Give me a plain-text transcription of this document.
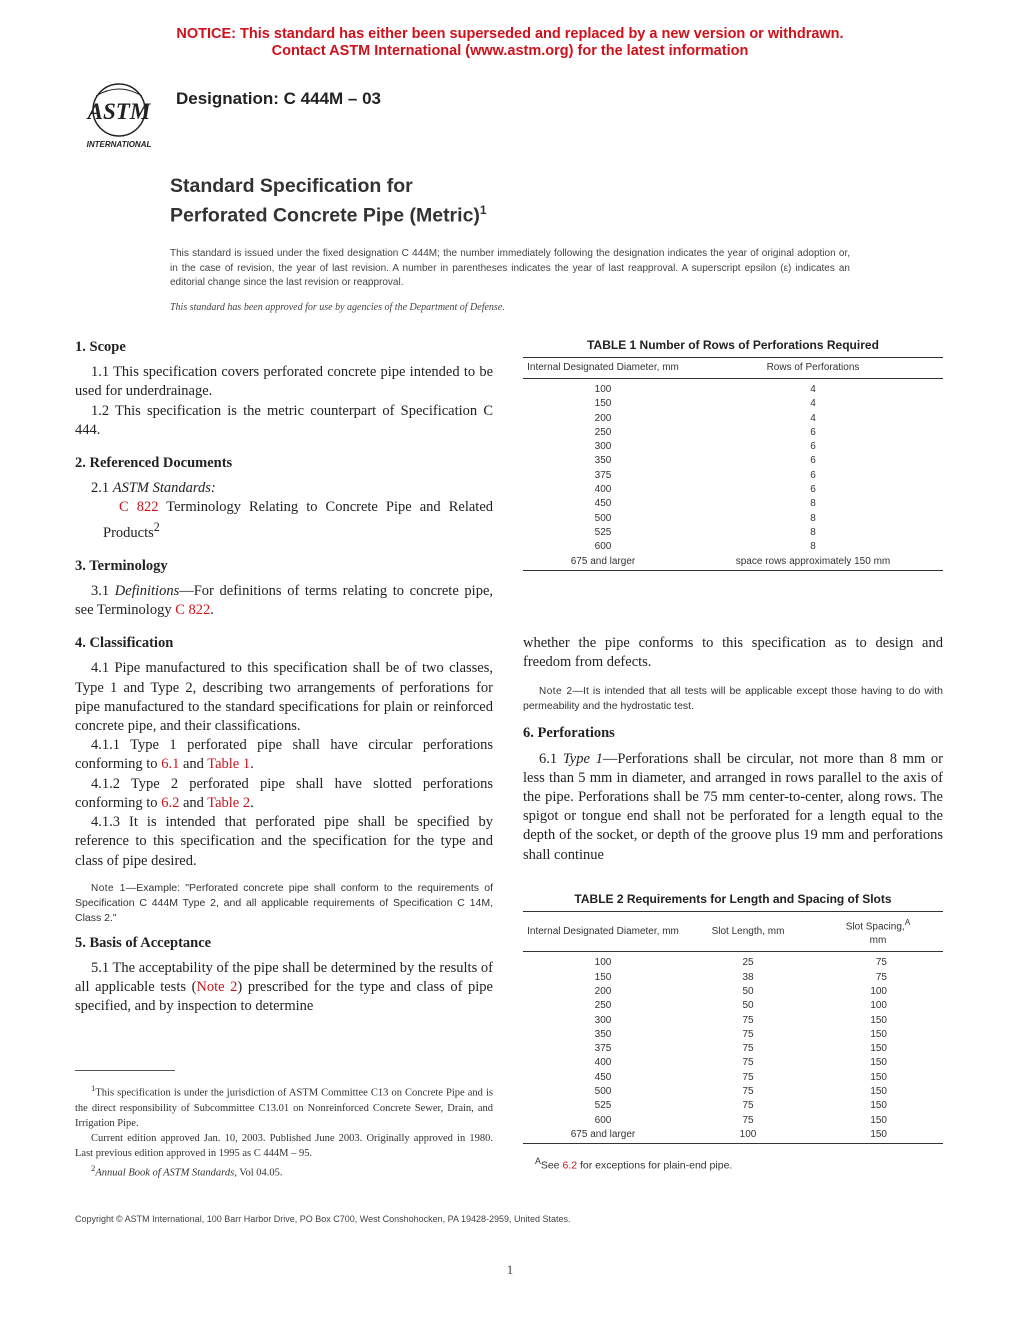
NOTICE: This standard has either been superseded and replaced by a new version or withdrawn.
Contact ASTM International (www.astm.org) for the latest information
ASTM
INTERNATIONAL
Designation: C 444M – 03
Standard Specification for
Perforated Concrete Pipe (Metric)$^1$
This standard is issued under the fixed designation C 444M; the number immediately following the designation indicates the year of original adoption or, in the case of revision, the year of last revision. A number in parentheses indicates the year of last reapproval. A superscript epsilon (ε) indicates an editorial change since the last revision or reapproval.
This standard has been approved for use by agencies of the Department of Defense.
1. Scope

1.1 This specification covers perforated concrete pipe intended to be used for underdrainage.

1.2 This specification is the metric counterpart of Specification C 444.

2. Referenced Documents

2.1 ASTM Standards:

C 822 Terminology Relating to Concrete Pipe and Related Products$^2$

3. Terminology

3.1 Definitions—For definitions of terms relating to concrete pipe, see Terminology C 822.

4. Classification

4.1 Pipe manufactured to this specification shall be of two classes, Type 1 and Type 2, describing two arrangements of perforations for pipe manufactured to the standard specifications for plain or reinforced concrete pipe, and their classifications.

4.1.1 Type 1 perforated pipe shall have circular perforations conforming to 6.1 and Table 1.

4.1.2 Type 2 perforated pipe shall have slotted perforations conforming to 6.2 and Table 2.

4.1.3 It is intended that perforated pipe shall be specified by reference to this specification and the specification for the type and class of pipe desired.

Note 1—Example: "Perforated concrete pipe shall conform to the requirements of Specification C 444M Type 2, and all applicable requirements of Specification C 14M, Class 2."

5. Basis of Acceptance

5.1 The acceptability of the pipe shall be determined by the results of all applicable tests (Note 2) prescribed for the type and class of pipe specified, and by inspection to determine

$^1$This specification is under the jurisdiction of ASTM Committee C13 on Concrete Pipe and is the direct responsibility of Subcommittee C13.01 on Nonreinforced Concrete Sewer, Drain, and Irrigation Pipe.

Current edition approved Jan. 10, 2003. Published June 2003. Originally approved in 1980. Last previous edition approved in 1995 as C 444M – 95.

$^2$Annual Book of ASTM Standards, Vol 04.05.

TABLE 1 Number of Rows of Perforations Required
Internal Designated Diameter, mm	Rows of Perforations
100	4
150	4
200	4
250	6
300	6
350	6
375	6
400	6
450	8
500	8
525	8
600	8
675 and larger	space rows approximately 150 mm

whether the pipe conforms to this specification as to design and freedom from defects.

Note 2—It is intended that all tests will be applicable except those having to do with permeability and the hydrostatic test.

6. Perforations

6.1 Type 1—Perforations shall be circular, not more than 8 mm or less than 5 mm in diameter, and arranged in rows parallel to the axis of the pipe. Perforations shall be 75 mm center-to-center, along rows. The spigot or tongue end shall not be perforated for a length equal to the depth of the socket, or depth of the groove plus 19 mm and perforations shall continue

TABLE 2 Requirements for Length and Spacing of Slots
Internal Designated Diameter, mm	Slot Length, mm	Slot Spacing,$^A$
mm
100	25	75
150	38	75
200	50	100
250	50	100
300	75	150
350	75	150
375	75	150
400	75	150
450	75	150
500	75	150
525	75	150
600	75	150
675 and larger	100	150
$^A$See 6.2 for exceptions for plain-end pipe.
Copyright © ASTM International, 100 Barr Harbor Drive, PO Box C700, West Conshohocken, PA 19428-2959, United States.
1
